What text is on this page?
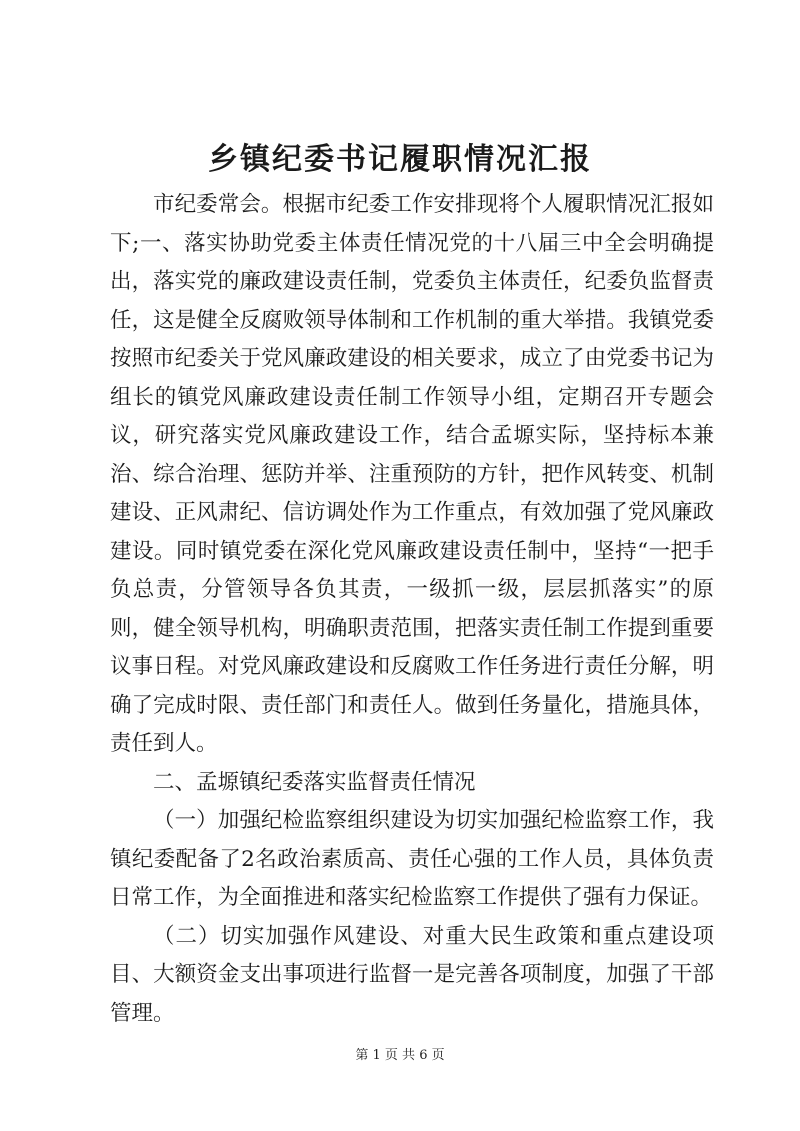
乡镇纪委书记履职情况汇报

市纪委常会。根据市纪委工作安排现将个人履职情况汇报如下;一、落实协助党委主体责任情况党的十八届三中全会明确提出，落实党的廉政建设责任制，党委负主体责任，纪委负监督责任，这是健全反腐败领导体制和工作机制的重大举措。我镇党委按照市纪委关于党风廉政建设的相关要求，成立了由党委书记为组长的镇党风廉政建设责任制工作领导小组，定期召开专题会议，研究落实党风廉政建设工作，结合孟塬实际，坚持标本兼治、综合治理、惩防并举、注重预防的方针，把作风转变、机制建设、正风肃纪、信访调处作为工作重点，有效加强了党风廉政建设。同时镇党委在深化党风廉政建设责任制中，坚持“一把手负总责，分管领导各负其责，一级抓一级，层层抓落实”的原则，健全领导机构，明确职责范围，把落实责任制工作提到重要议事日程。对党风廉政建设和反腐败工作任务进行责任分解，明确了完成时限、责任部门和责任人。做到任务量化，措施具体，责任到人。

二、孟塬镇纪委落实监督责任情况

（一）加强纪检监察组织建设为切实加强纪检监察工作，我镇纪委配备了2名政治素质高、责任心强的工作人员，具体负责日常工作，为全面推进和落实纪检监察工作提供了强有力保证。

（二）切实加强作风建设、对重大民生政策和重点建设项目、大额资金支出事项进行监督一是完善各项制度，加强了干部管理。

第 1 页 共 6 页
